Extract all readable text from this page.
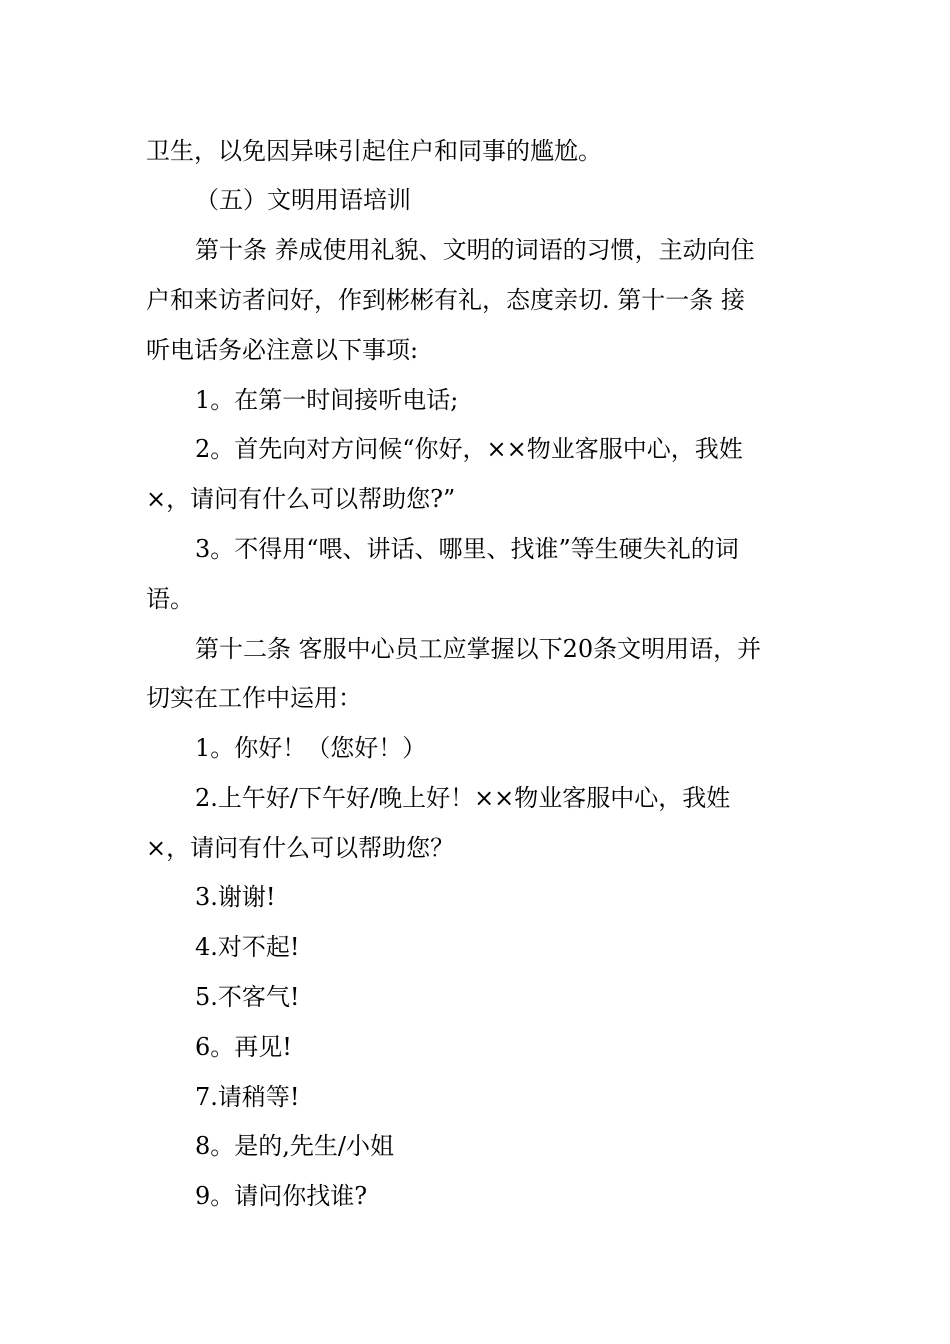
卫生，以免因异味引起住户和同事的尴尬。
（五）文明用语培训
第十条 养成使用礼貌、文明的词语的习惯，主动向住
户和来访者问好，作到彬彬有礼，态度亲切. 第十一条 接
听电话务必注意以下事项:
1。在第一时间接听电话;
2。首先向对方问候“你好，××物业客服中心，我姓
×，请问有什么可以帮助您?”
3。不得用“喂、讲话、哪里、找谁”等生硬失礼的词
语。
第十二条 客服中心员工应掌握以下20条文明用语，并
切实在工作中运用：
1。你好！（您好！）
2.上午好/下午好/晚上好！××物业客服中心，我姓
×，请问有什么可以帮助您？
3.谢谢!
4.对不起!
5.不客气!
6。再见!
7.请稍等!
8。是的,先生/小姐
9。请问你找谁?
